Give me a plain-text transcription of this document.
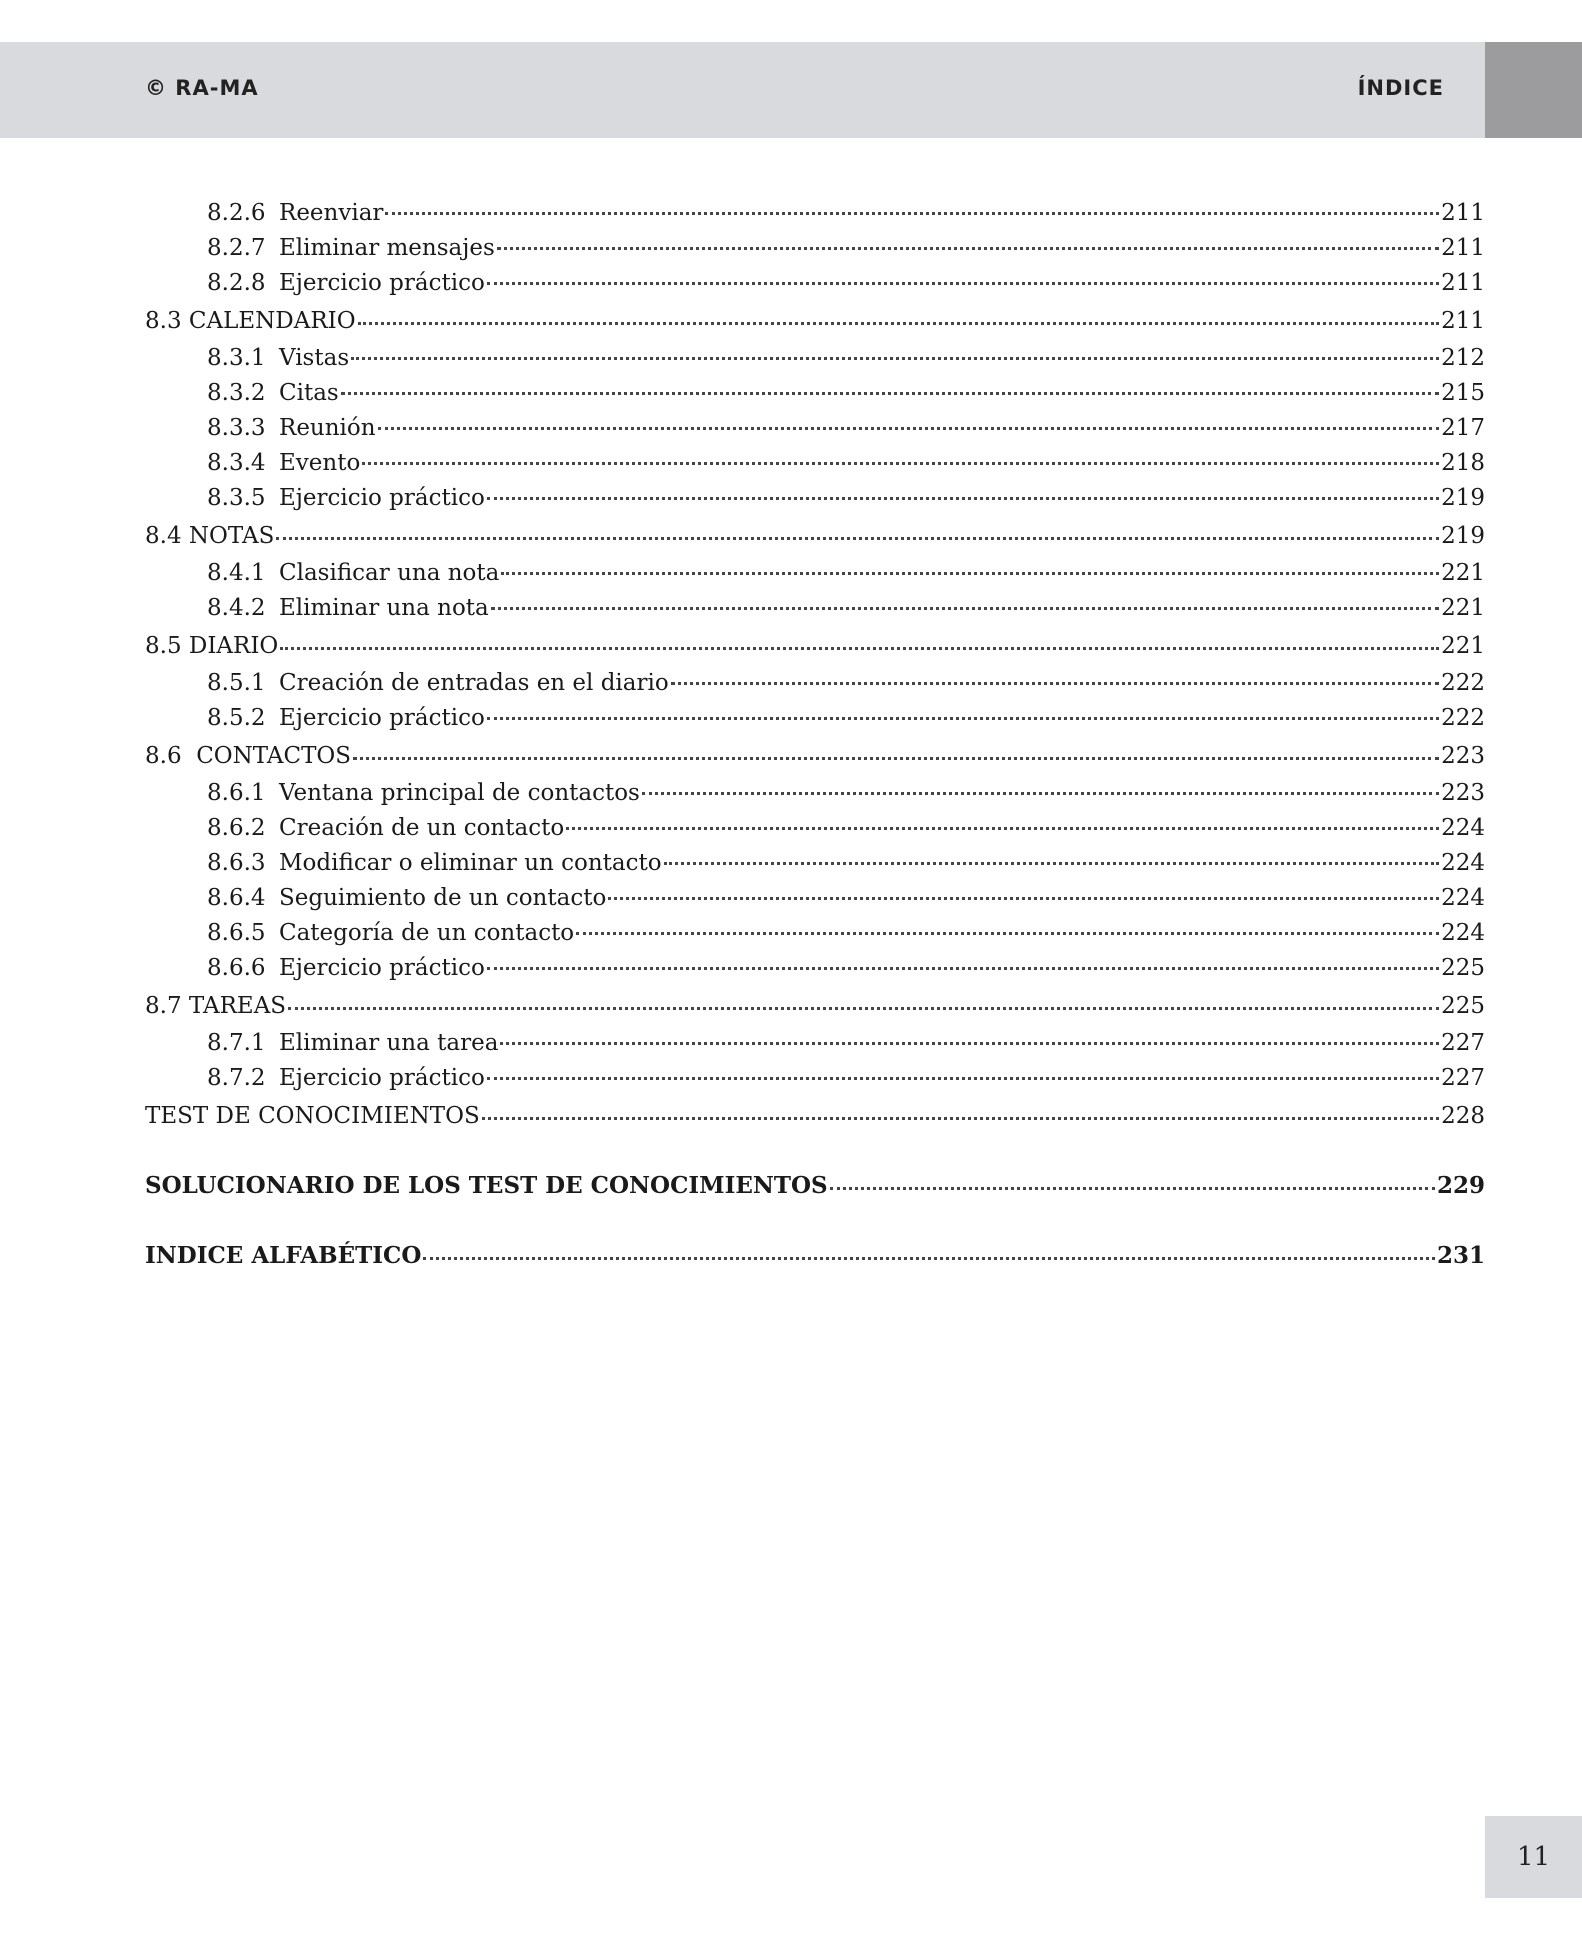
© RA-MA	ÍNDICE
8.2.6 Reenviar	211
8.2.7 Eliminar mensajes	211
8.2.8 Ejercicio práctico	211
8.3 CALENDARIO	211
8.3.1 Vistas	212
8.3.2 Citas	215
8.3.3 Reunión	217
8.3.4 Evento	218
8.3.5 Ejercicio práctico	219
8.4 NOTAS	219
8.4.1 Clasificar una nota	221
8.4.2 Eliminar una nota	221
8.5 DIARIO	221
8.5.1 Creación de entradas en el diario	222
8.5.2 Ejercicio práctico	222
8.6  CONTACTOS	223
8.6.1 Ventana principal de contactos	223
8.6.2 Creación de un contacto	224
8.6.3 Modificar o eliminar un contacto	224
8.6.4 Seguimiento de un contacto	224
8.6.5 Categoría de un contacto	224
8.6.6 Ejercicio práctico	225
8.7 TAREAS	225
8.7.1 Eliminar una tarea	227
8.7.2 Ejercicio práctico	227
TEST DE CONOCIMIENTOS	228
SOLUCIONARIO DE LOS TEST DE CONOCIMIENTOS	229
INDICE ALFABÉTICO	231
11
